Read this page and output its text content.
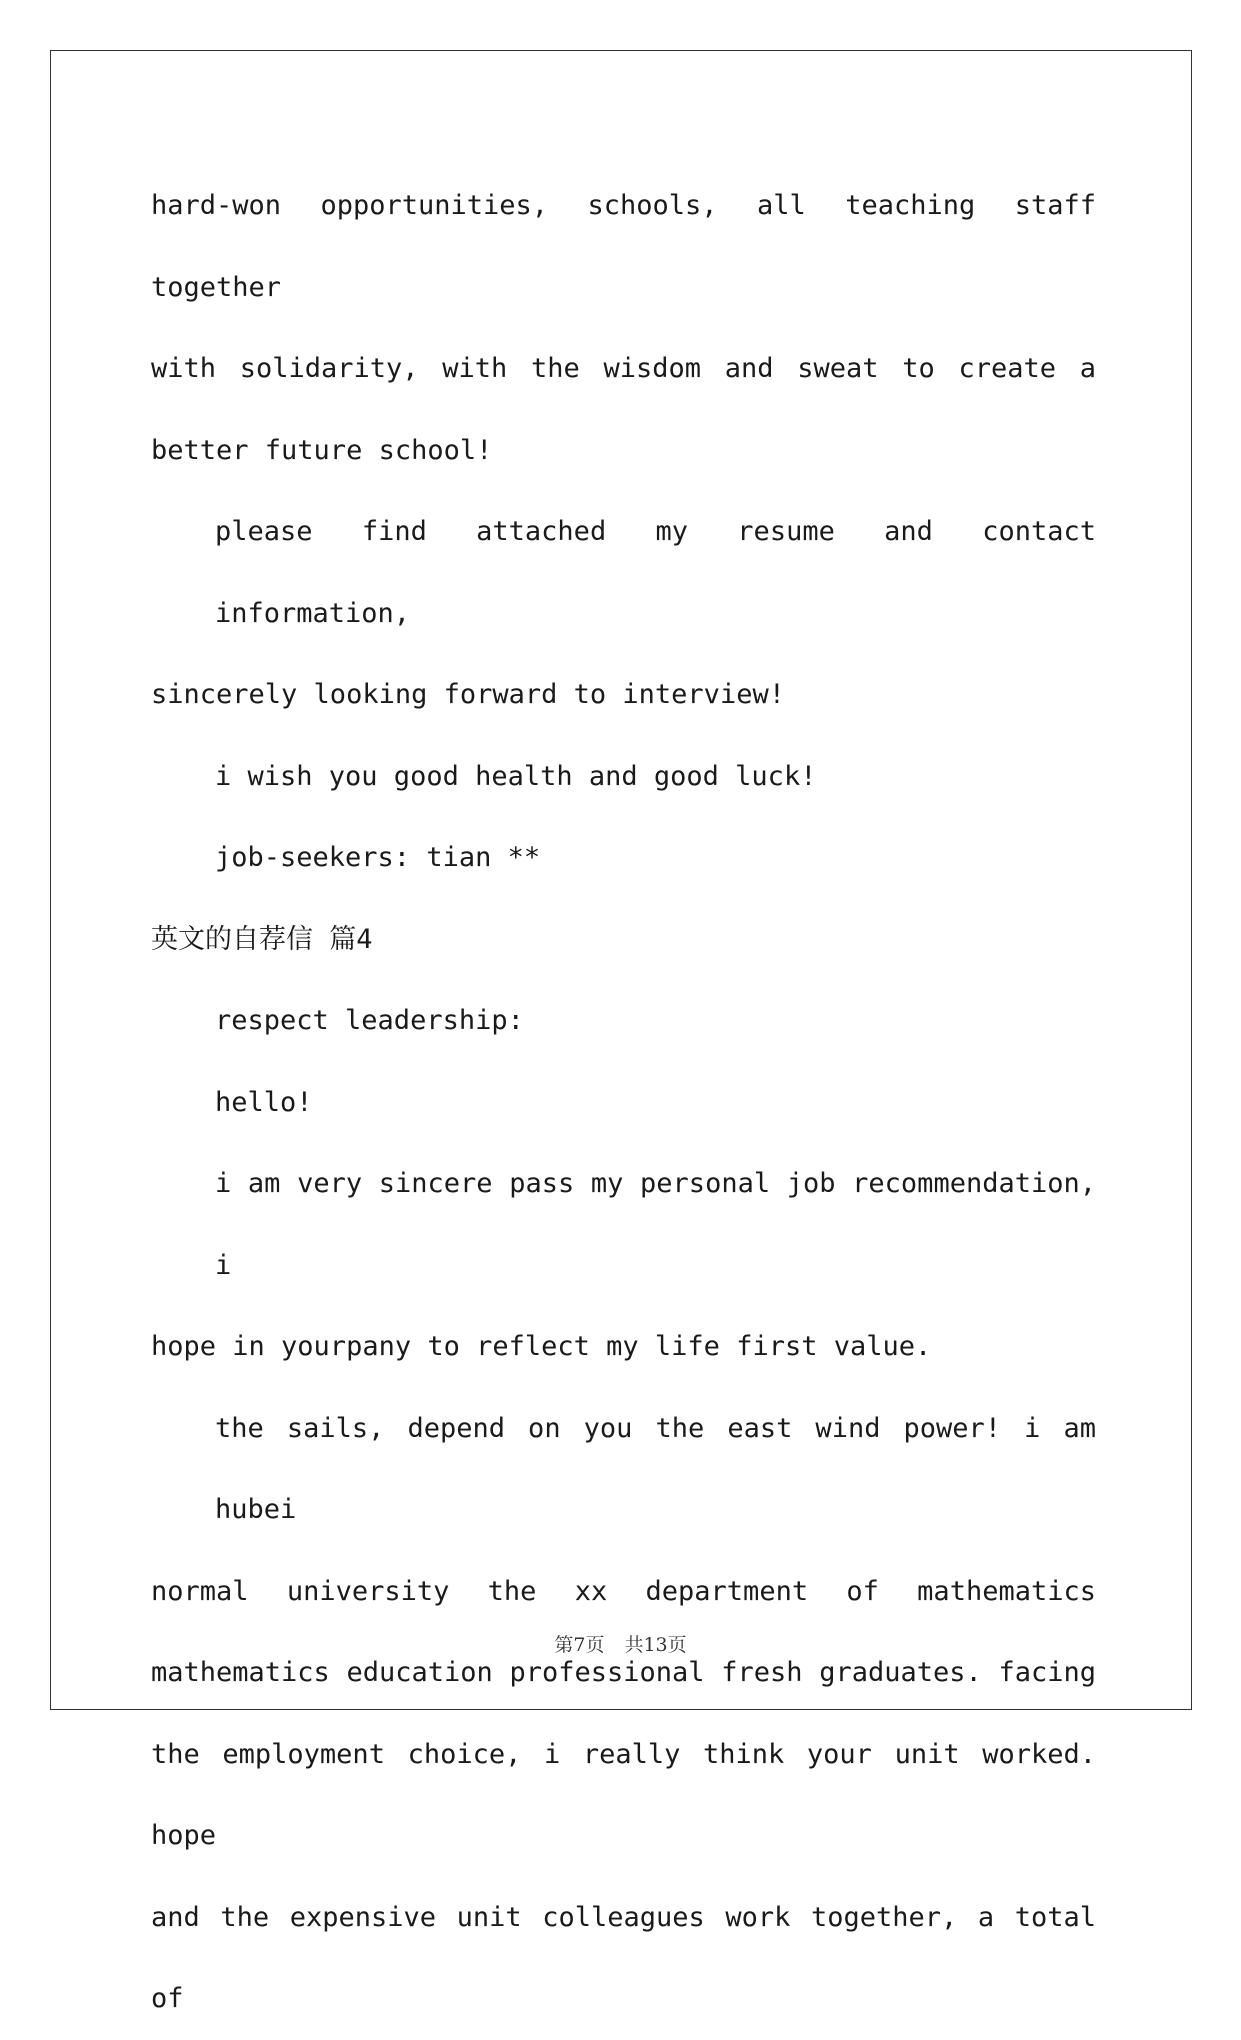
hard-won opportunities, schools, all teaching staff together
with solidarity, with the wisdom and sweat to create a
better future school!
please find attached my resume and contact information,
sincerely looking forward to interview!
i wish you good health and good luck!
job-seekers: tian **
英文的自荐信 篇4
respect leadership:
hello!
i am very sincere pass my personal job recommendation, i
hope in yourpany to reflect my life first value.
the sails, depend on you the east wind power! i am hubei
normal university the xx department of mathematics
mathematics education professional fresh graduates. facing
the employment choice, i really think your unit worked. hope
and the expensive unit colleagues work together, a total of
第7页 共13页
